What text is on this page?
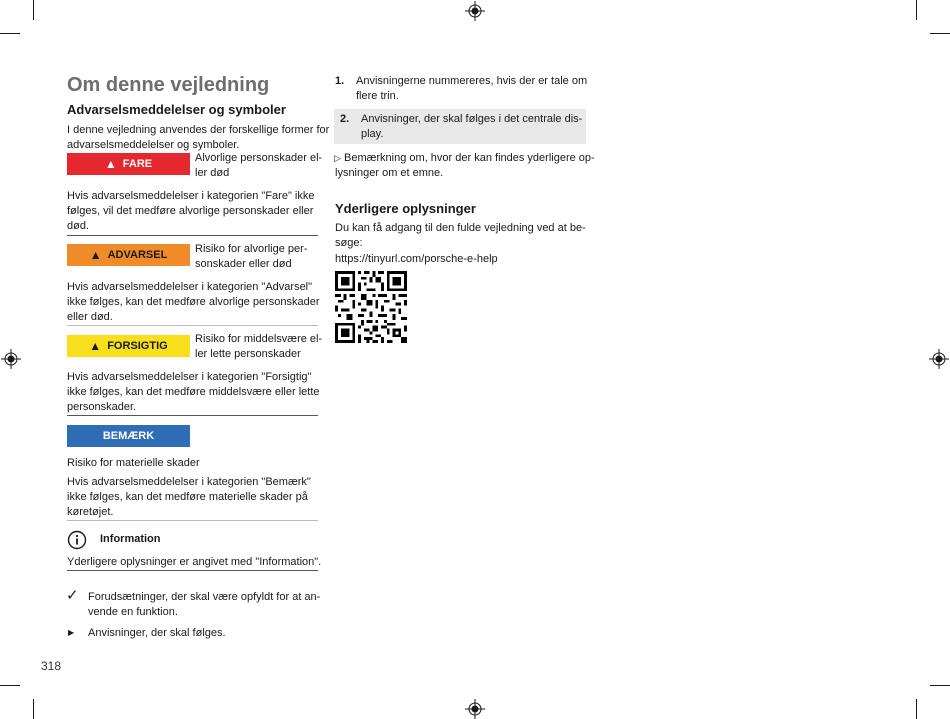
Om denne vejledning
Advarselsmeddelelser og symboler
I denne vejledning anvendes der forskellige former for
advarselsmeddelelser og symboler.
▲ FARE	Alvorlige personskader el-
ler død
Hvis advarselsmeddelelser i kategorien "Fare" ikke
følges, vil det medføre alvorlige personskader eller
død.
▲ ADVARSEL	Risiko for alvorlige per-
sonskader eller død
Hvis advarselsmeddelelser i kategorien "Advarsel"
ikke følges, kan det medføre alvorlige personskader
eller død.
▲ FORSIGTIG
Risiko for middelsvære el-
ler lette personskader
Hvis advarselsmeddelelser i kategorien "Forsigtig"
ikke følges, kan det medføre middelsvære eller lette
personskader.
BEMÆRK
Risiko for materielle skader
Hvis advarselsmeddelelser i kategorien "Bemærk"
ikke følges, kan det medføre materielle skader på
køretøjet.
Information
Yderligere oplysninger er angivet med "Information".
✓ Forudsætninger, der skal være opfyldt for at an-
vende en funktion.
▶ Anvisninger, der skal følges.
318
1. Anvisningerne nummereres, hvis der er tale om
flere trin.
2. Anvisninger, der skal følges i det centrale dis-
play.
▷ Bemærkning om, hvor der kan findes yderligere op-
lysninger om et emne.
Yderligere oplysninger
Du kan få adgang til den fulde vejledning ved at be-
søge:
https://tinyurl.com/porsche-e-help
